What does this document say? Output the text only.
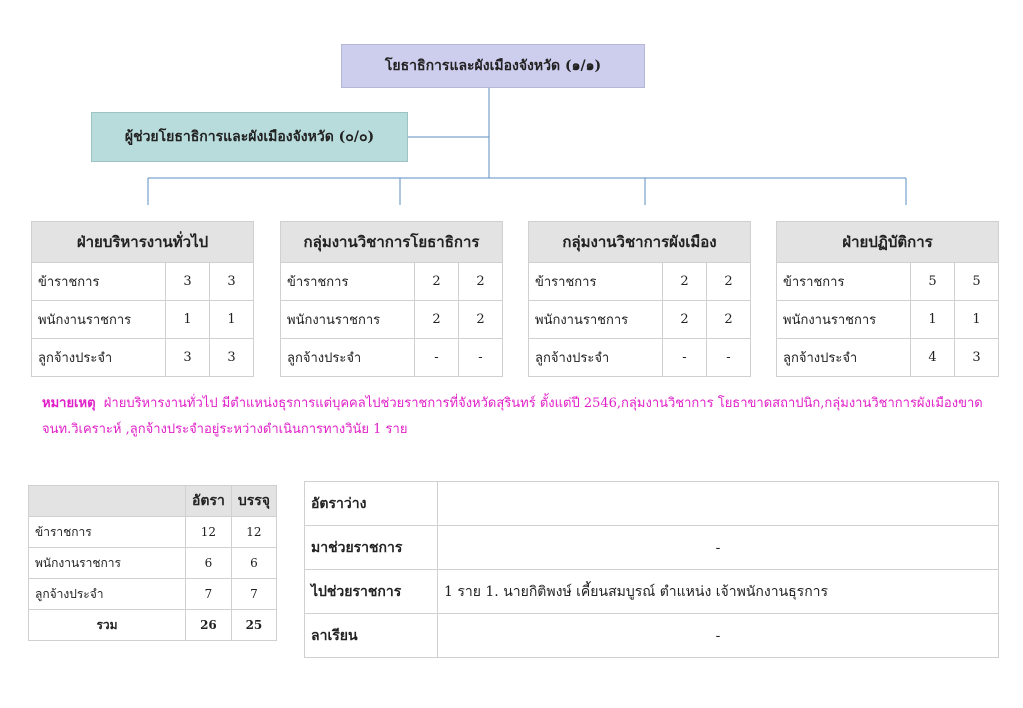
โยธาธิการและผังเมืองจังหวัด (๑/๑)
ผู้ช่วยโยธาธิการและผังเมืองจังหวัด (๐/๐)
ฝ่ายบริหารงานทั่วไป		
ข้าราชการ	3	3
พนักงานราชการ	1	1
ลูกจ้างประจำ	3	3
กลุ่มงานวิชาการโยธาธิการ		
ข้าราชการ	2	2
พนักงานราชการ	2	2
ลูกจ้างประจำ	-	-
กลุ่มงานวิชาการผังเมือง		
ข้าราชการ	2	2
พนักงานราชการ	2	2
ลูกจ้างประจำ	-	-
ฝ่ายปฏิบัติการ		
ข้าราชการ	5	5
พนักงานราชการ	1	1
ลูกจ้างประจำ	4	3
หมายเหตุ ฝ่ายบริหารงานทั่วไป มีตำแหน่งธุรการแต่บุคคลไปช่วยราชการที่จังหวัดสุรินทร์ ตั้งแต่ปี 2546,กลุ่มงานวิชาการ โยธาขาดสถาปนิก,กลุ่มงานวิชาการผังเมืองขาดจนท.วิเคราะห์ ,ลูกจ้างประจำอยู่ระหว่างดำเนินการทางวินัย 1 ราย
	อัตรา	บรรจุ
ข้าราชการ	12	12
พนักงานราชการ	6	6
ลูกจ้างประจำ	7	7
รวม	26	25
อัตราว่าง	
มาช่วยราชการ	-
ไปช่วยราชการ	1 ราย 1. นายกิติพงษ์ เคี้ยนสมบูรณ์ ตำแหน่ง เจ้าพนักงานธุรการ
ลาเรียน	-
